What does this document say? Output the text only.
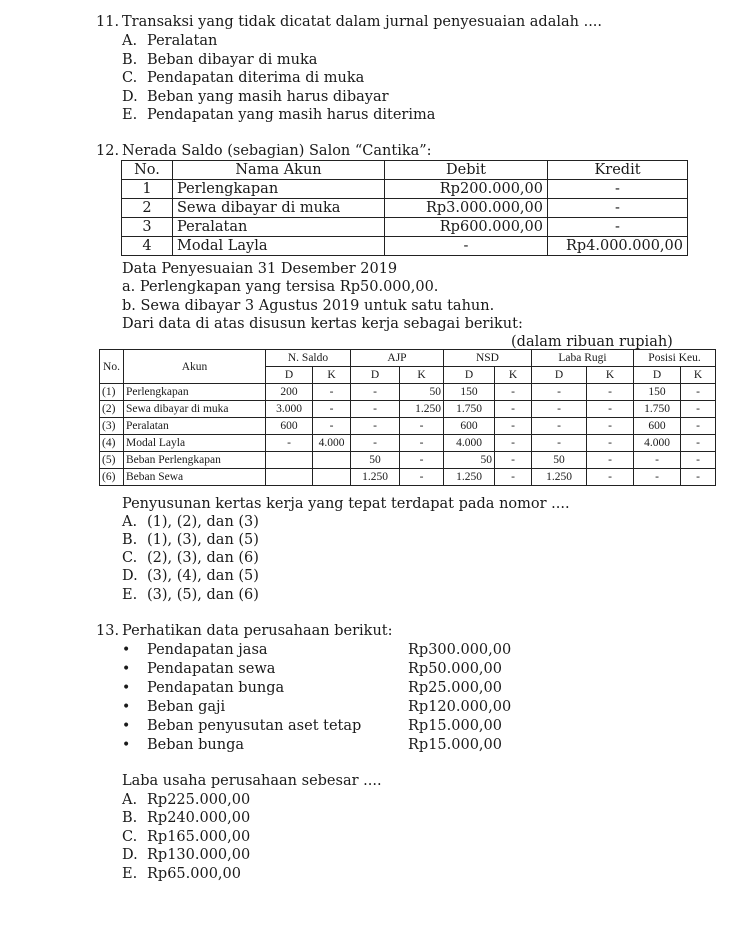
11. Transaksi yang tidak dicatat dalam jurnal penyesuaian adalah ....
A. Peralatan
B. Beban dibayar di muka
C. Pendapatan diterima di muka
D. Beban yang masih harus dibayar
E. Pendapatan yang masih harus diterima
12. Nerada Saldo (sebagian) Salon “Cantika”:
No.	Nama Akun	Debit	Kredit
1	Perlengkapan	Rp200.000,00	-
2	Sewa dibayar di muka	Rp3.000.000,00	-
3	Peralatan	Rp600.000,00	-
4	Modal Layla	-	Rp4.000.000,00
Data Penyesuaian 31 Desember 2019
a. Perlengkapan yang tersisa Rp50.000,00.
b. Sewa dibayar 3 Agustus 2019 untuk satu tahun.
Dari data di atas disusun kertas kerja sebagai berikut:
(dalam ribuan rupiah)
No.	Akun	N. Saldo		AJP		NSD		Laba Rugi		Posisi Keu.	
		D	K	D	K	D	K	D	K	D	K
(1)	Perlengkapan	200	-	-	50	150	-	-	-	150	-
(2)	Sewa dibayar di muka	3.000	-	-	1.250	1.750	-	-	-	1.750	-
(3)	Peralatan	600	-	-	-	600	-	-	-	600	-
(4)	Modal Layla	-	4.000	-	-	4.000	-	-	-	4.000	-
(5)	Beban Perlengkapan			50	-	50	-	50	-	-	-
(6)	Beban Sewa			1.250	-	1.250	-	1.250	-	-	-
Penyusunan kertas kerja yang tepat terdapat pada nomor ....
A. (1), (2), dan (3)
B. (1), (3), dan (5)
C. (2), (3), dan (6)
D. (3), (4), dan (5)
E. (3), (5), dan (6)
13. Perhatikan data perusahaan berikut:
• Pendapatan jasa	Rp300.000,00
• Pendapatan sewa	Rp50.000,00
• Pendapatan bunga	Rp25.000,00
• Beban gaji	Rp120.000,00
• Beban penyusutan aset tetap	Rp15.000,00
• Beban bunga	Rp15.000,00
Laba usaha perusahaan sebesar ....
A. Rp225.000,00
B. Rp240.000,00
C. Rp165.000,00
D. Rp130.000,00
E. Rp65.000,00
